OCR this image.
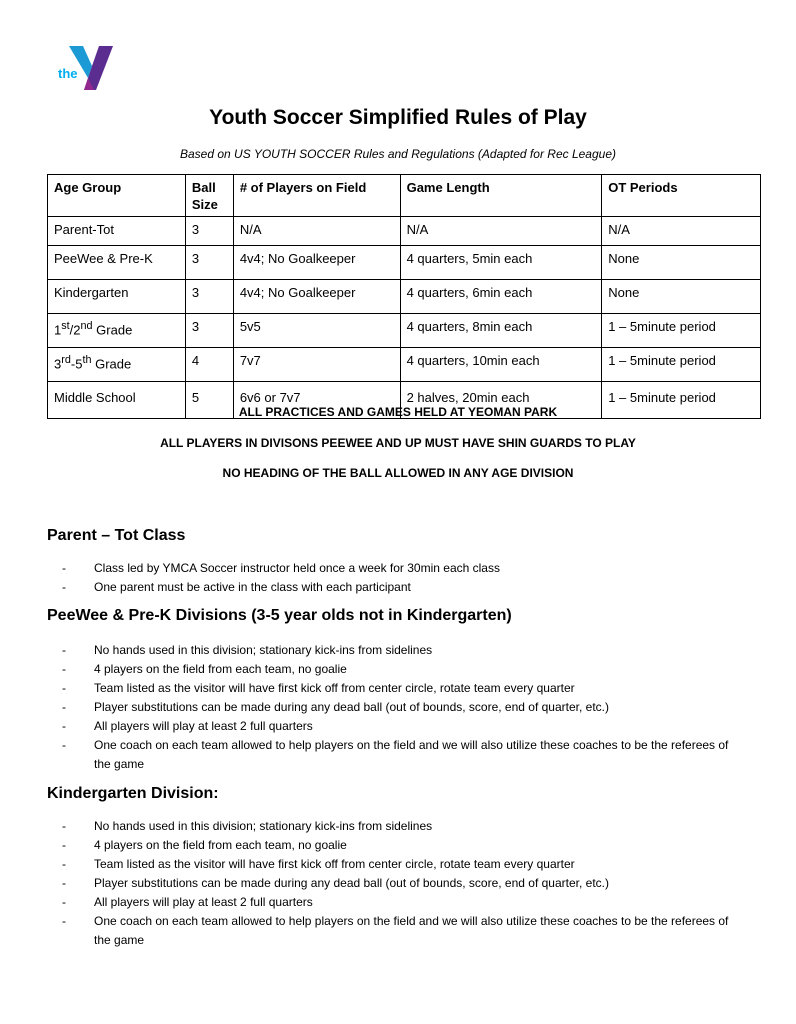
the
Youth Soccer Simplified Rules of Play
Based on US YOUTH SOCCER Rules and Regulations (Adapted for Rec League)
Age Group	Ball Size	# of Players on Field	Game Length	OT Periods
Parent-Tot	3	N/A	N/A	N/A
PeeWee & Pre-K	3	4v4; No Goalkeeper	4 quarters, 5min each	None
Kindergarten	3	4v4; No Goalkeeper	4 quarters, 6min each	None
1st/2nd Grade	3	5v5	4 quarters, 8min each	1 – 5minute period
3rd-5th Grade	4	7v7	4 quarters, 10min each	1 – 5minute period
Middle School	5	6v6 or 7v7	2 halves, 20min each	1 – 5minute period
ALL PRACTICES AND GAMES HELD AT YEOMAN PARK
ALL PLAYERS IN DIVISONS PEEWEE AND UP MUST HAVE SHIN GUARDS TO PLAY
NO HEADING OF THE BALL ALLOWED IN ANY AGE DIVISION
Parent – Tot Class
- Class led by YMCA Soccer instructor held once a week for 30min each class
- One parent must be active in the class with each participant
PeeWee & Pre-K Divisions (3-5 year olds not in Kindergarten)
- No hands used in this division; stationary kick-ins from sidelines
- 4 players on the field from each team, no goalie
- Team listed as the visitor will have first kick off from center circle, rotate team every quarter
- Player substitutions can be made during any dead ball (out of bounds, score, end of quarter, etc.)
- All players will play at least 2 full quarters
- One coach on each team allowed to help players on the field and we will also utilize these coaches to be the referees of the game
Kindergarten Division:
- No hands used in this division; stationary kick-ins from sidelines
- 4 players on the field from each team, no goalie
- Team listed as the visitor will have first kick off from center circle, rotate team every quarter
- Player substitutions can be made during any dead ball (out of bounds, score, end of quarter, etc.)
- All players will play at least 2 full quarters
- One coach on each team allowed to help players on the field and we will also utilize these coaches to be the referees of the game
